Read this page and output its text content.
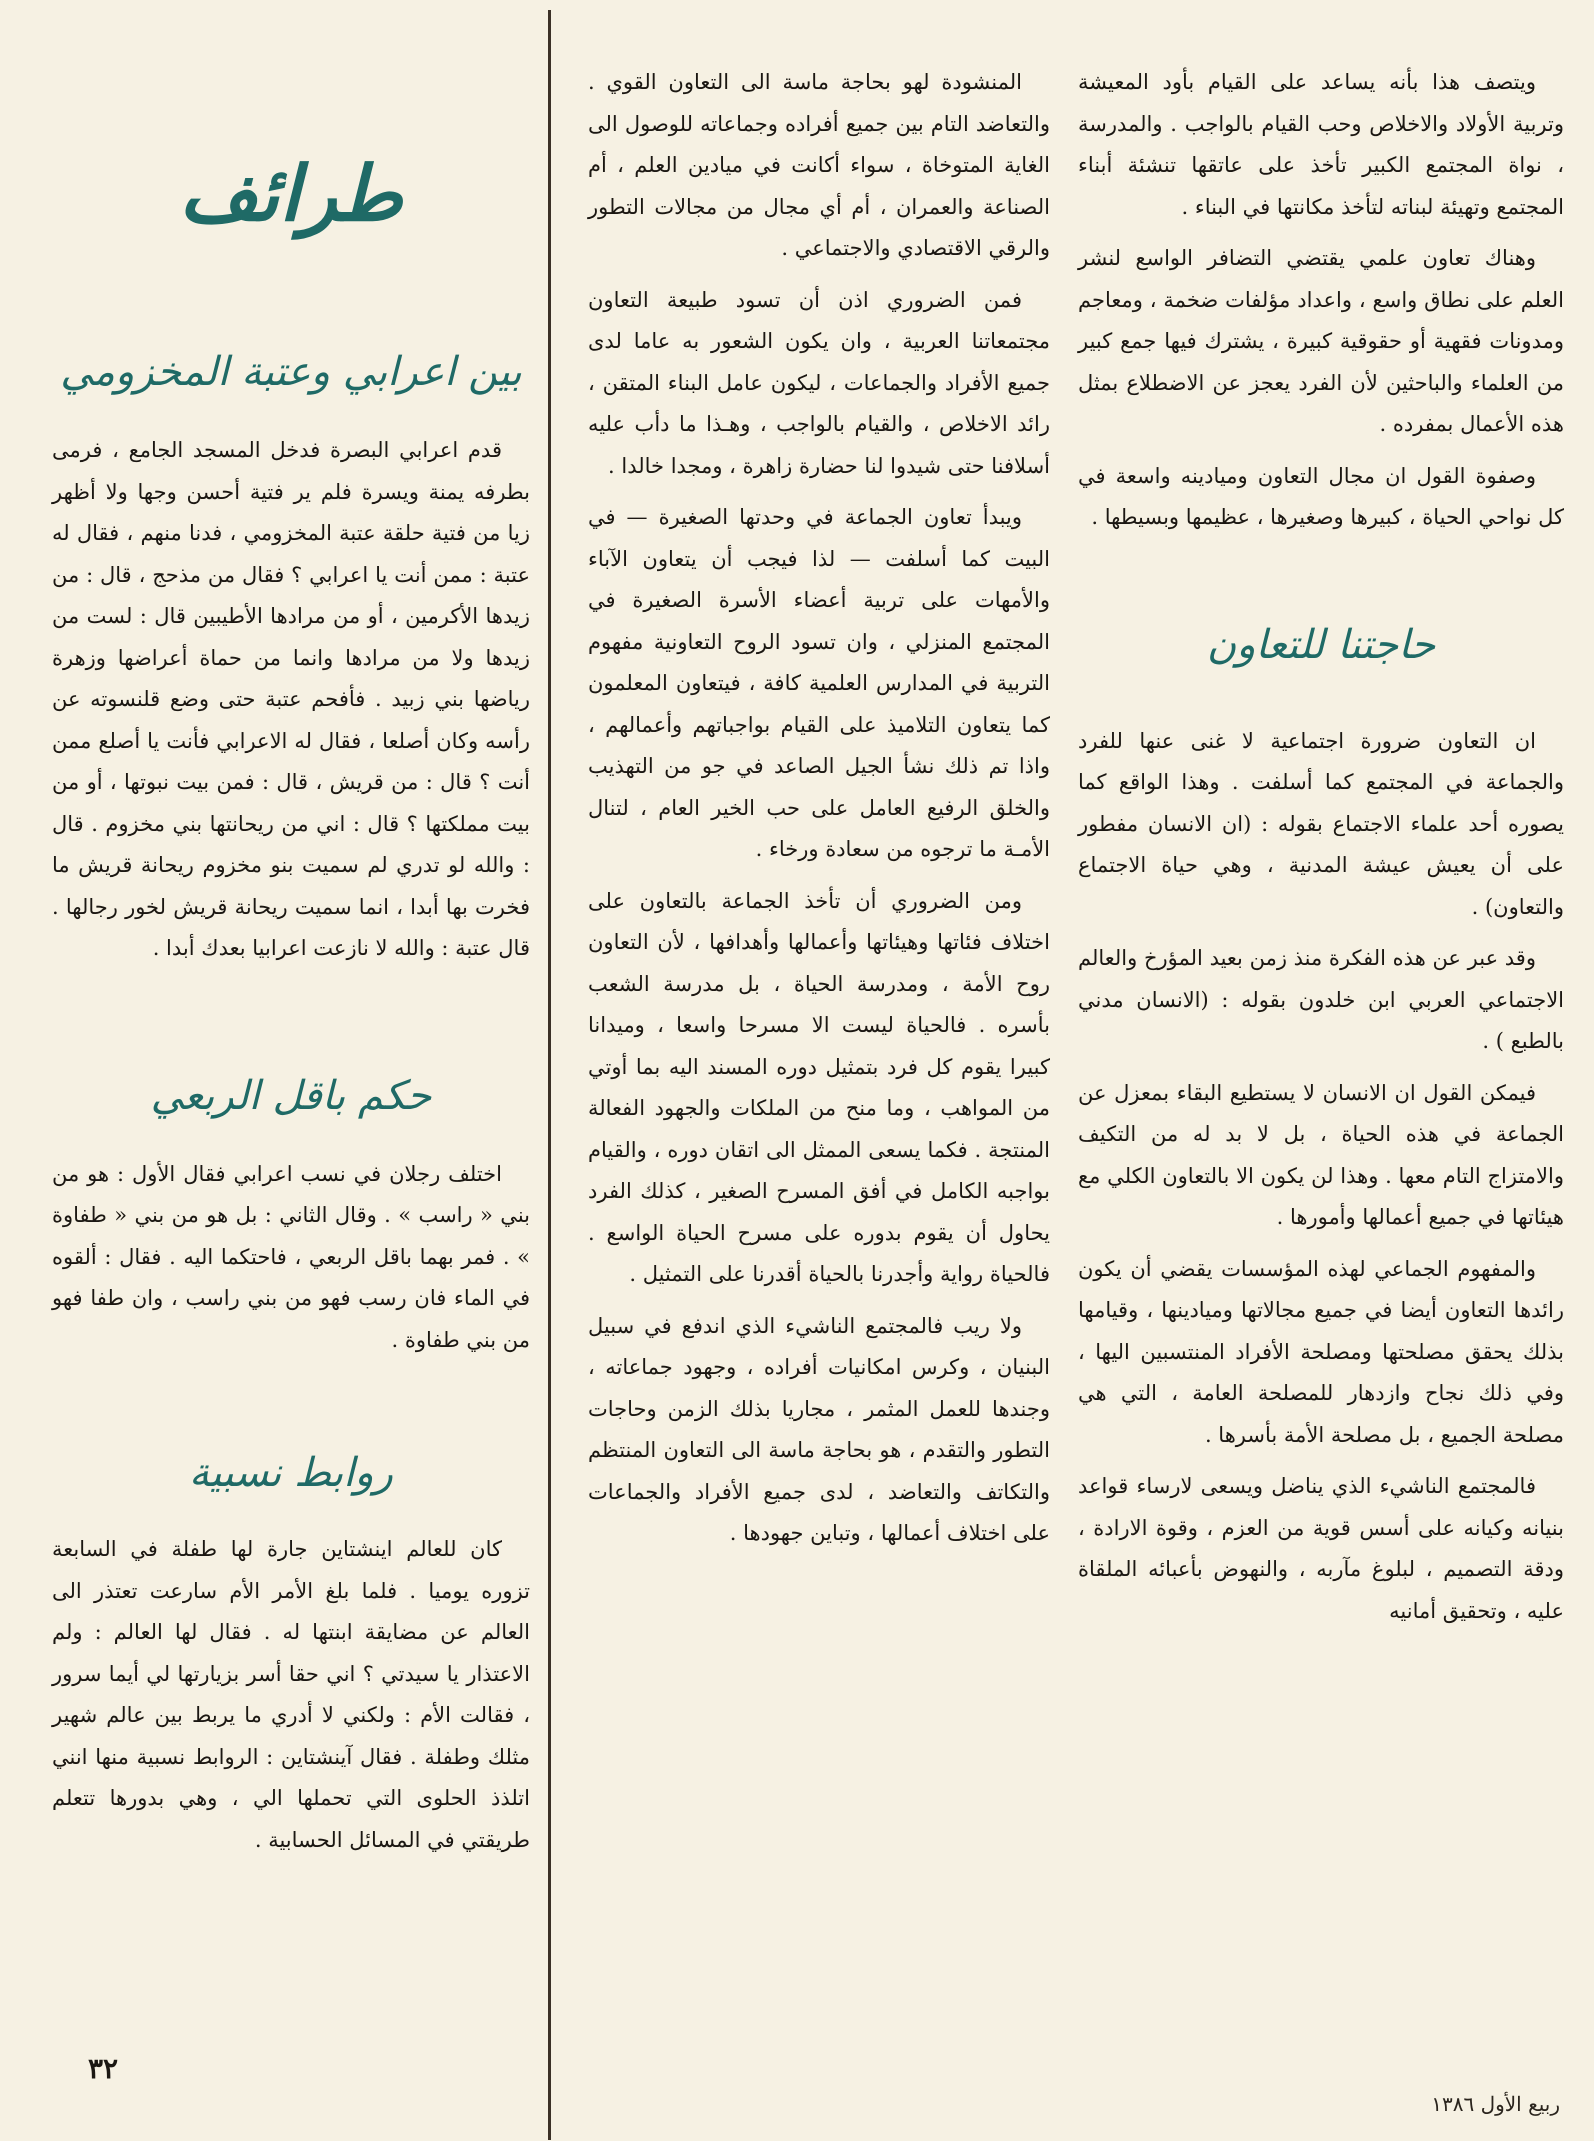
ويتصف هذا بأنه يساعد على القيام بأود المعيشة وتربية الأولاد والاخلاص وحب القيام بالواجب . والمدرسة ، نواة المجتمع الكبير تأخذ على عاتقها تنشئة أبناء المجتمع وتهيئة لبناته لتأخذ مكانتها في البناء .

وهناك تعاون علمي يقتضي التضافر الواسع لنشر العلم على نطاق واسع ، واعداد مؤلفات ضخمة ، ومعاجم ومدونات فقهية أو حقوقية كبيرة ، يشترك فيها جمع كبير من العلماء والباحثين لأن الفرد يعجز عن الاضطلاع بمثل هذه الأعمال بمفرده .

وصفوة القول ان مجال التعاون وميادينه واسعة في كل نواحي الحياة ، كبيرها وصغيرها ، عظيمها وبسيطها .

حاجتنا للتعاون

ان التعاون ضرورة اجتماعية لا غنى عنها للفرد والجماعة في المجتمع كما أسلفت . وهذا الواقع كما يصوره أحد علماء الاجتماع بقوله : (ان الانسان مفطور على أن يعيش عيشة المدنية ، وهي حياة الاجتماع والتعاون) .

وقد عبر عن هذه الفكرة منذ زمن بعيد المؤرخ والعالم الاجتماعي العربي ابن خلدون بقوله : (الانسان مدني بالطبع ) .

فيمكن القول ان الانسان لا يستطيع البقاء بمعزل عن الجماعة في هذه الحياة ، بل لا بد له من التكيف والامتزاج التام معها . وهذا لن يكون الا بالتعاون الكلي مع هيئاتها في جميع أعمالها وأمورها .

والمفهوم الجماعي لهذه المؤسسات يقضي أن يكون رائدها التعاون أيضا في جميع مجالاتها وميادينها ، وقيامها بذلك يحقق مصلحتها ومصلحة الأفراد المنتسبين اليها ، وفي ذلك نجاح وازدهار للمصلحة العامة ، التي هي مصلحة الجميع ، بل مصلحة الأمة بأسرها .

فالمجتمع الناشيء الذي يناضل ويسعى لارساء قواعد بنيانه وكيانه على أسس قوية من العزم ، وقوة الارادة ، ودقة التصميم ، لبلوغ مآربه ، والنهوض بأعبائه الملقاة عليه ، وتحقيق أمانيه

المنشودة لهو بحاجة ماسة الى التعاون القوي . والتعاضد التام بين جميع أفراده وجماعاته للوصول الى الغاية المتوخاة ، سواء أكانت في ميادين العلم ، أم الصناعة والعمران ، أم أي مجال من مجالات التطور والرقي الاقتصادي والاجتماعي .

فمن الضروري اذن أن تسود طبيعة التعاون مجتمعاتنا العربية ، وان يكون الشعور به عاما لدى جميع الأفراد والجماعات ، ليكون عامل البناء المتقن ، رائد الاخلاص ، والقيام بالواجب ، وهـذا ما دأب عليه أسلافنا حتى شيدوا لنا حضارة زاهرة ، ومجدا خالدا .

ويبدأ تعاون الجماعة في وحدتها الصغيرة — في البيت كما أسلفت — لذا فيجب أن يتعاون الآباء والأمهات على تربية أعضاء الأسرة الصغيرة في المجتمع المنزلي ، وان تسود الروح التعاونية مفهوم التربية في المدارس العلمية كافة ، فيتعاون المعلمون كما يتعاون التلاميذ على القيام بواجباتهم وأعمالهم ، واذا تم ذلك نشأ الجيل الصاعد في جو من التهذيب والخلق الرفيع العامل على حب الخير العام ، لتنال الأمـة ما ترجوه من سعادة ورخاء .

ومن الضروري أن تأخذ الجماعة بالتعاون على اختلاف فئاتها وهيئاتها وأعمالها وأهدافها ، لأن التعاون روح الأمة ، ومدرسة الحياة ، بل مدرسة الشعب بأسره . فالحياة ليست الا مسرحا واسعا ، وميدانا كبيرا يقوم كل فرد بتمثيل دوره المسند اليه بما أوتي من المواهب ، وما منح من الملكات والجهود الفعالة المنتجة . فكما يسعى الممثل الى اتقان دوره ، والقيام بواجبه الكامل في أفق المسرح الصغير ، كذلك الفرد يحاول أن يقوم بدوره على مسرح الحياة الواسع . فالحياة رواية وأجدرنا بالحياة أقدرنا على التمثيل .

ولا ريب فالمجتمع الناشيء الذي اندفع في سبيل البنيان ، وكرس امكانيات أفراده ، وجهود جماعاته ، وجندها للعمل المثمر ، مجاريا بذلك الزمن وحاجات التطور والتقدم ، هو بحاجة ماسة الى التعاون المنتظم والتكاتف والتعاضد ، لدى جميع الأفراد والجماعات على اختلاف أعمالها ، وتباين جهودها .

طرائف
بين اعرابي وعتبة المخزومي

قدم اعرابي البصرة فدخل المسجد الجامع ، فرمى بطرفه يمنة ويسرة فلم ير فتية أحسن وجها ولا أظهر زيا من فتية حلقة عتبة المخزومي ، فدنا منهم ، فقال له عتبة : ممن أنت يا اعرابي ؟ فقال من مذحج ، قال : من زيدها الأكرمين ، أو من مرادها الأطيبين قال : لست من زيدها ولا من مرادها وانما من حماة أعراضها وزهرة رياضها بني زبيد . فأفحم عتبة حتى وضع قلنسوته عن رأسه وكان أصلعا ، فقال له الاعرابي فأنت يا أصلع ممن أنت ؟ قال : من قريش ، قال : فمن بيت نبوتها ، أو من بيت مملكتها ؟ قال : اني من ريحانتها بني مخزوم . قال : والله لو تدري لم سميت بنو مخزوم ريحانة قريش ما فخرت بها أبدا ، انما سميت ريحانة قريش لخور رجالها . قال عتبة : والله لا نازعت اعرابيا بعدك أبدا .

حكم باقل الربعي

اختلف رجلان في نسب اعرابي فقال الأول : هو من بني « راسب » . وقال الثاني : بل هو من بني « طفاوة » . فمر بهما باقل الربعي ، فاحتكما اليه . فقال : ألقوه في الماء فان رسب فهو من بني راسب ، وان طفا فهو من بني طفاوة .

روابط نسبية

كان للعالم اينشتاين جارة لها طفلة في السابعة تزوره يوميا . فلما بلغ الأمر الأم سارعت تعتذر الى العالم عن مضايقة ابنتها له . فقال لها العالم : ولم الاعتذار يا سيدتي ؟ اني حقا أسر بزيارتها لي أيما سرور ، فقالت الأم : ولكني لا أدري ما يربط بين عالم شهير مثلك وطفلة . فقال آينشتاين : الروابط نسبية منها انني اتلذذ الحلوى التي تحملها الي ، وهي بدورها تتعلم طريقتي في المسائل الحسابية .

٣٢
ربيع الأول ١٣٨٦
